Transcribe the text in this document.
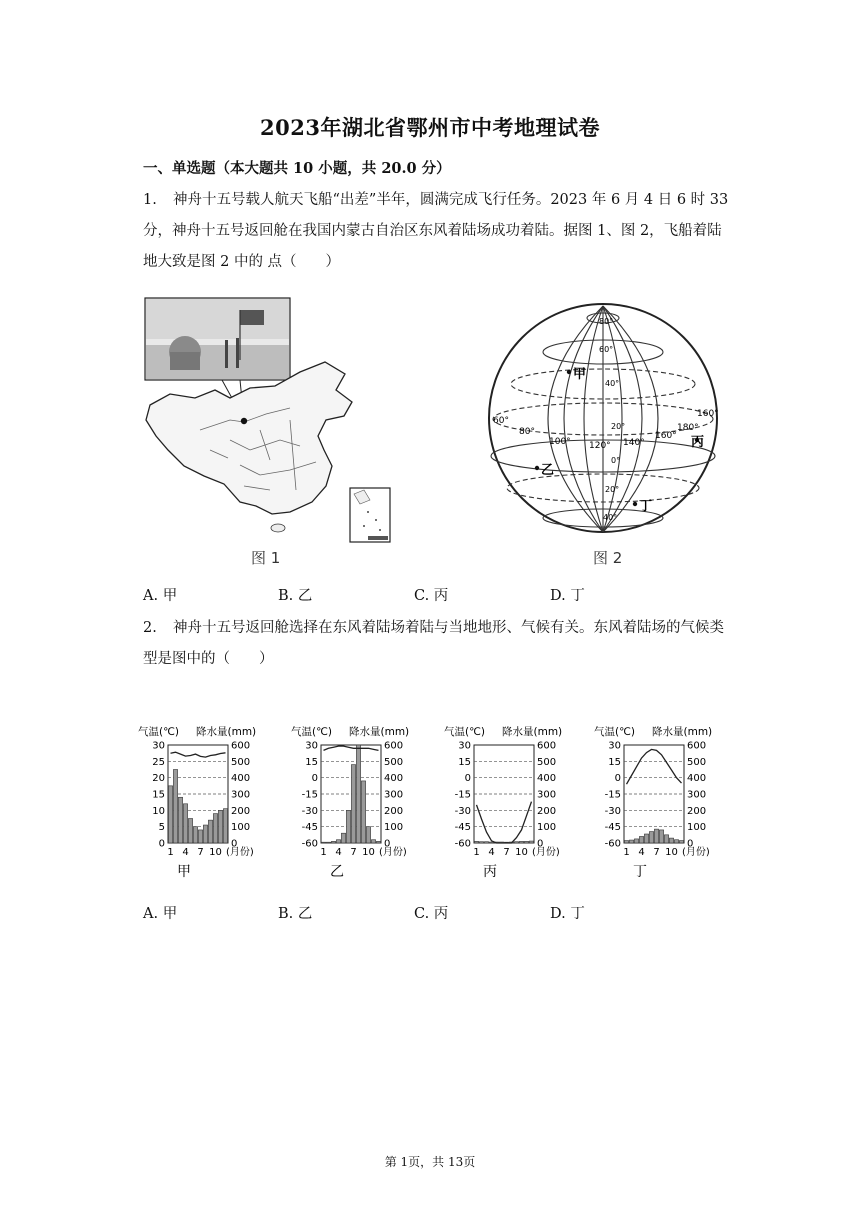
2023年湖北省鄂州市中考地理试卷
一、单选题（本大题共 10 小题，共 20.0 分）
1. 神舟十五号载人航天飞船“出差”半年，圆满完成飞行任务。2023 年 6 月 4 日 6 时 33 分，神舟十五号返回舱在我国内蒙古自治区东风着陆场成功着陆。据图 1、图 2，飞船着陆地大致是图 2 中的 点（　　）
图 1
80°
60°
40°
20°
0°
20°
40°
60°
80°
100° 120° 140°
160°
180°
160°
甲
乙
丙
丁
图 2
A. 甲	B. 乙	C. 丙	D. 丁
2. 神舟十五号返回舱选择在东风着陆场着陆与当地地形、气候有关。东风着陆场的气候类型是图中的（　　）
气温(℃) 降水量(mm)
30
25
20
15
10
5
0
600
500
400
300
200
100
0
1 4 7 10 (月份)
甲
气温(℃) 降水量(mm)
30
15
0
-15
-30
-45
-60
600
500
400
300
200
100
0
1 4 7 10 (月份)
乙
气温(℃) 降水量(mm)
30
15
0
-15
-30
-45
-60
600
500
400
300
200
100
0
1 4 7 10 (月份)
丙
气温(℃) 降水量(mm)
30
15
0
-15
-30
-45
-60
600
500
400
300
200
100
0
1 4 7 10 (月份)
丁
A. 甲	B. 乙	C. 丙	D. 丁
第 1页，共 13页
